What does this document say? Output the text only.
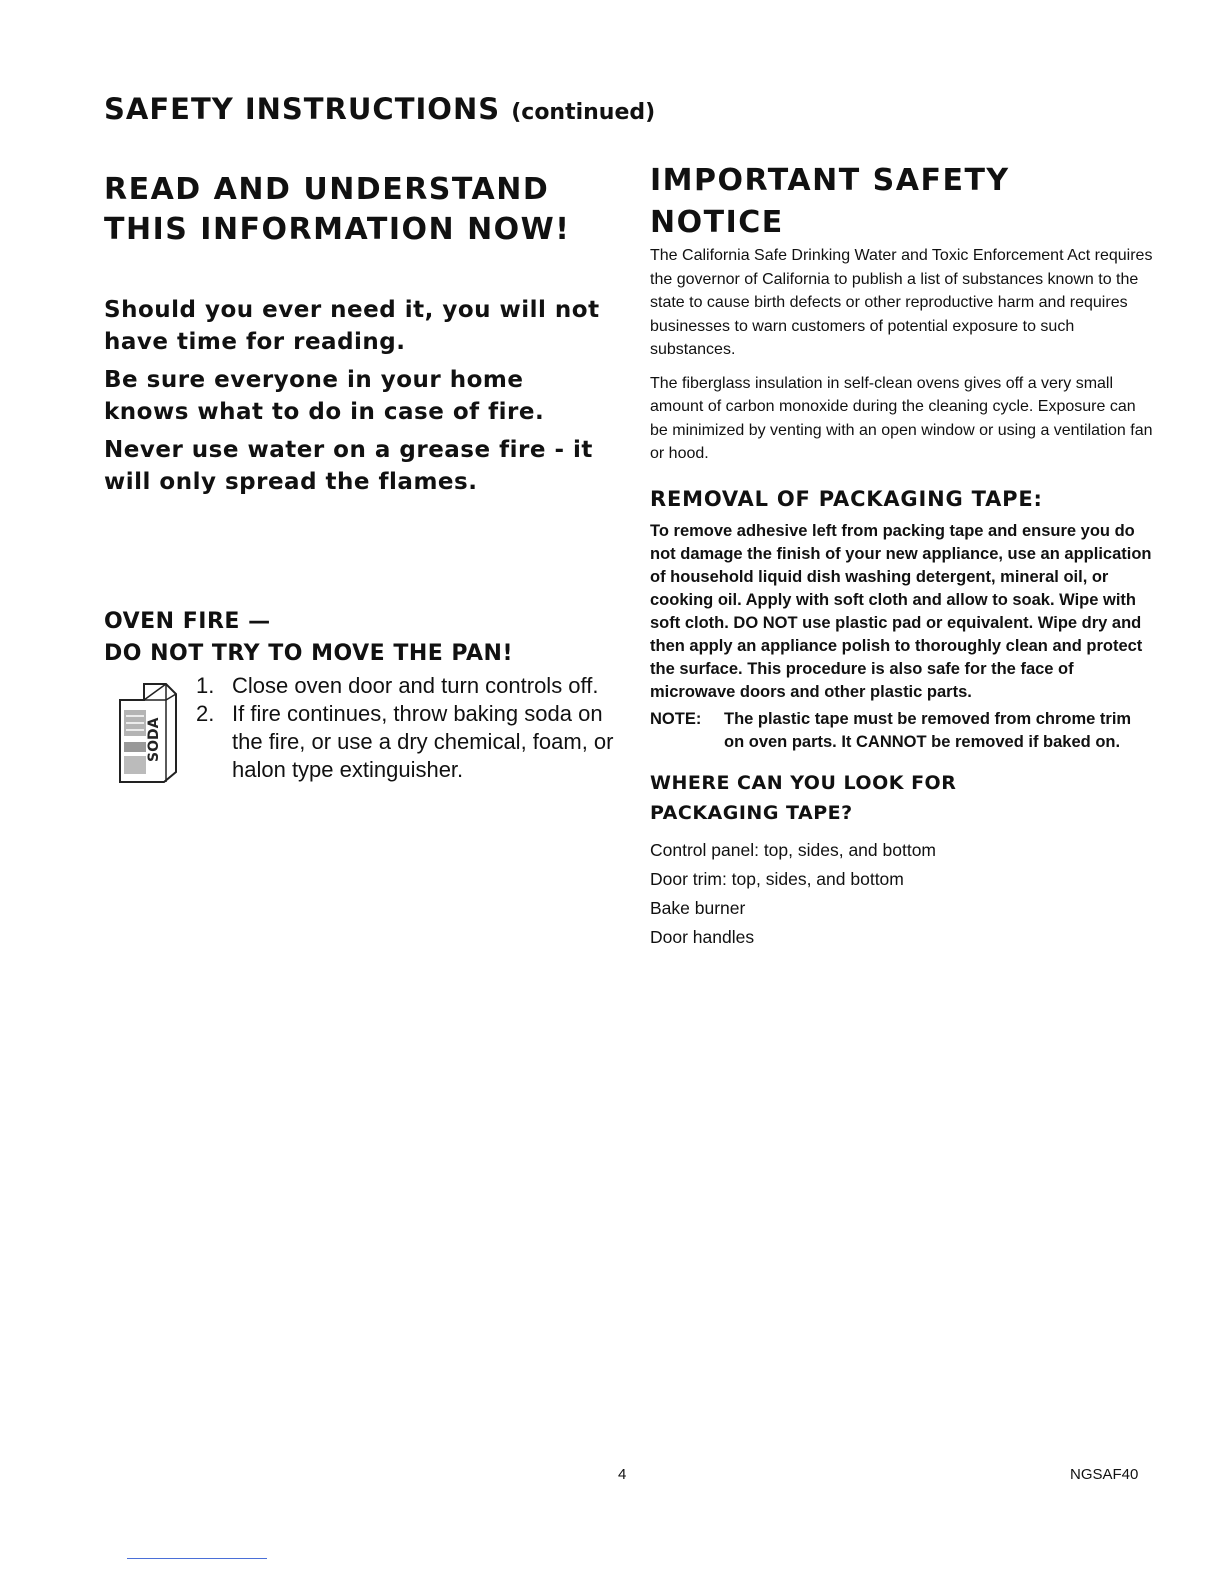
SAFETY INSTRUCTIONS (continued)
READ AND UNDERSTAND
THIS INFORMATION NOW!

Should you ever need it, you will not have time for reading.

Be sure everyone in your home knows what to do in case of fire.

Never use water on a grease fire - it will only spread the flames.

OVEN FIRE —
DO NOT TRY TO MOVE THE PAN!
SODA
1. Close oven door and turn controls off.
2. If fire continues, throw baking soda on the fire, or use a dry chemical, foam, or halon type extinguisher.
IMPORTANT SAFETY
NOTICE

The California Safe Drinking Water and Toxic Enforcement Act requires the governor of California to publish a list of substances known to the state to cause birth defects or other reproductive harm and requires businesses to warn customers of potential exposure to such substances.

The fiberglass insulation in self-clean ovens gives off a very small amount of carbon monoxide during the cleaning cycle. Exposure can be minimized by venting with an open window or using a ventilation fan or hood.

REMOVAL OF PACKAGING TAPE:

To remove adhesive left from packing tape and ensure you do not damage the finish of your new appliance, use an application of household liquid dish washing detergent, mineral oil, or cooking oil. Apply with soft cloth and allow to soak. Wipe with soft cloth. DO NOT use plastic pad or equivalent. Wipe dry and then apply an appliance polish to thoroughly clean and protect the surface. This procedure is also safe for the face of microwave doors and other plastic parts.

NOTE:	The plastic tape must be removed from chrome trim on oven parts. It CANNOT be removed if baked on.
WHERE CAN YOU LOOK FOR
PACKAGING TAPE?
Control panel: top, sides, and bottom
Door trim: top, sides, and bottom
Bake burner
Door handles
4	NGSAF40
